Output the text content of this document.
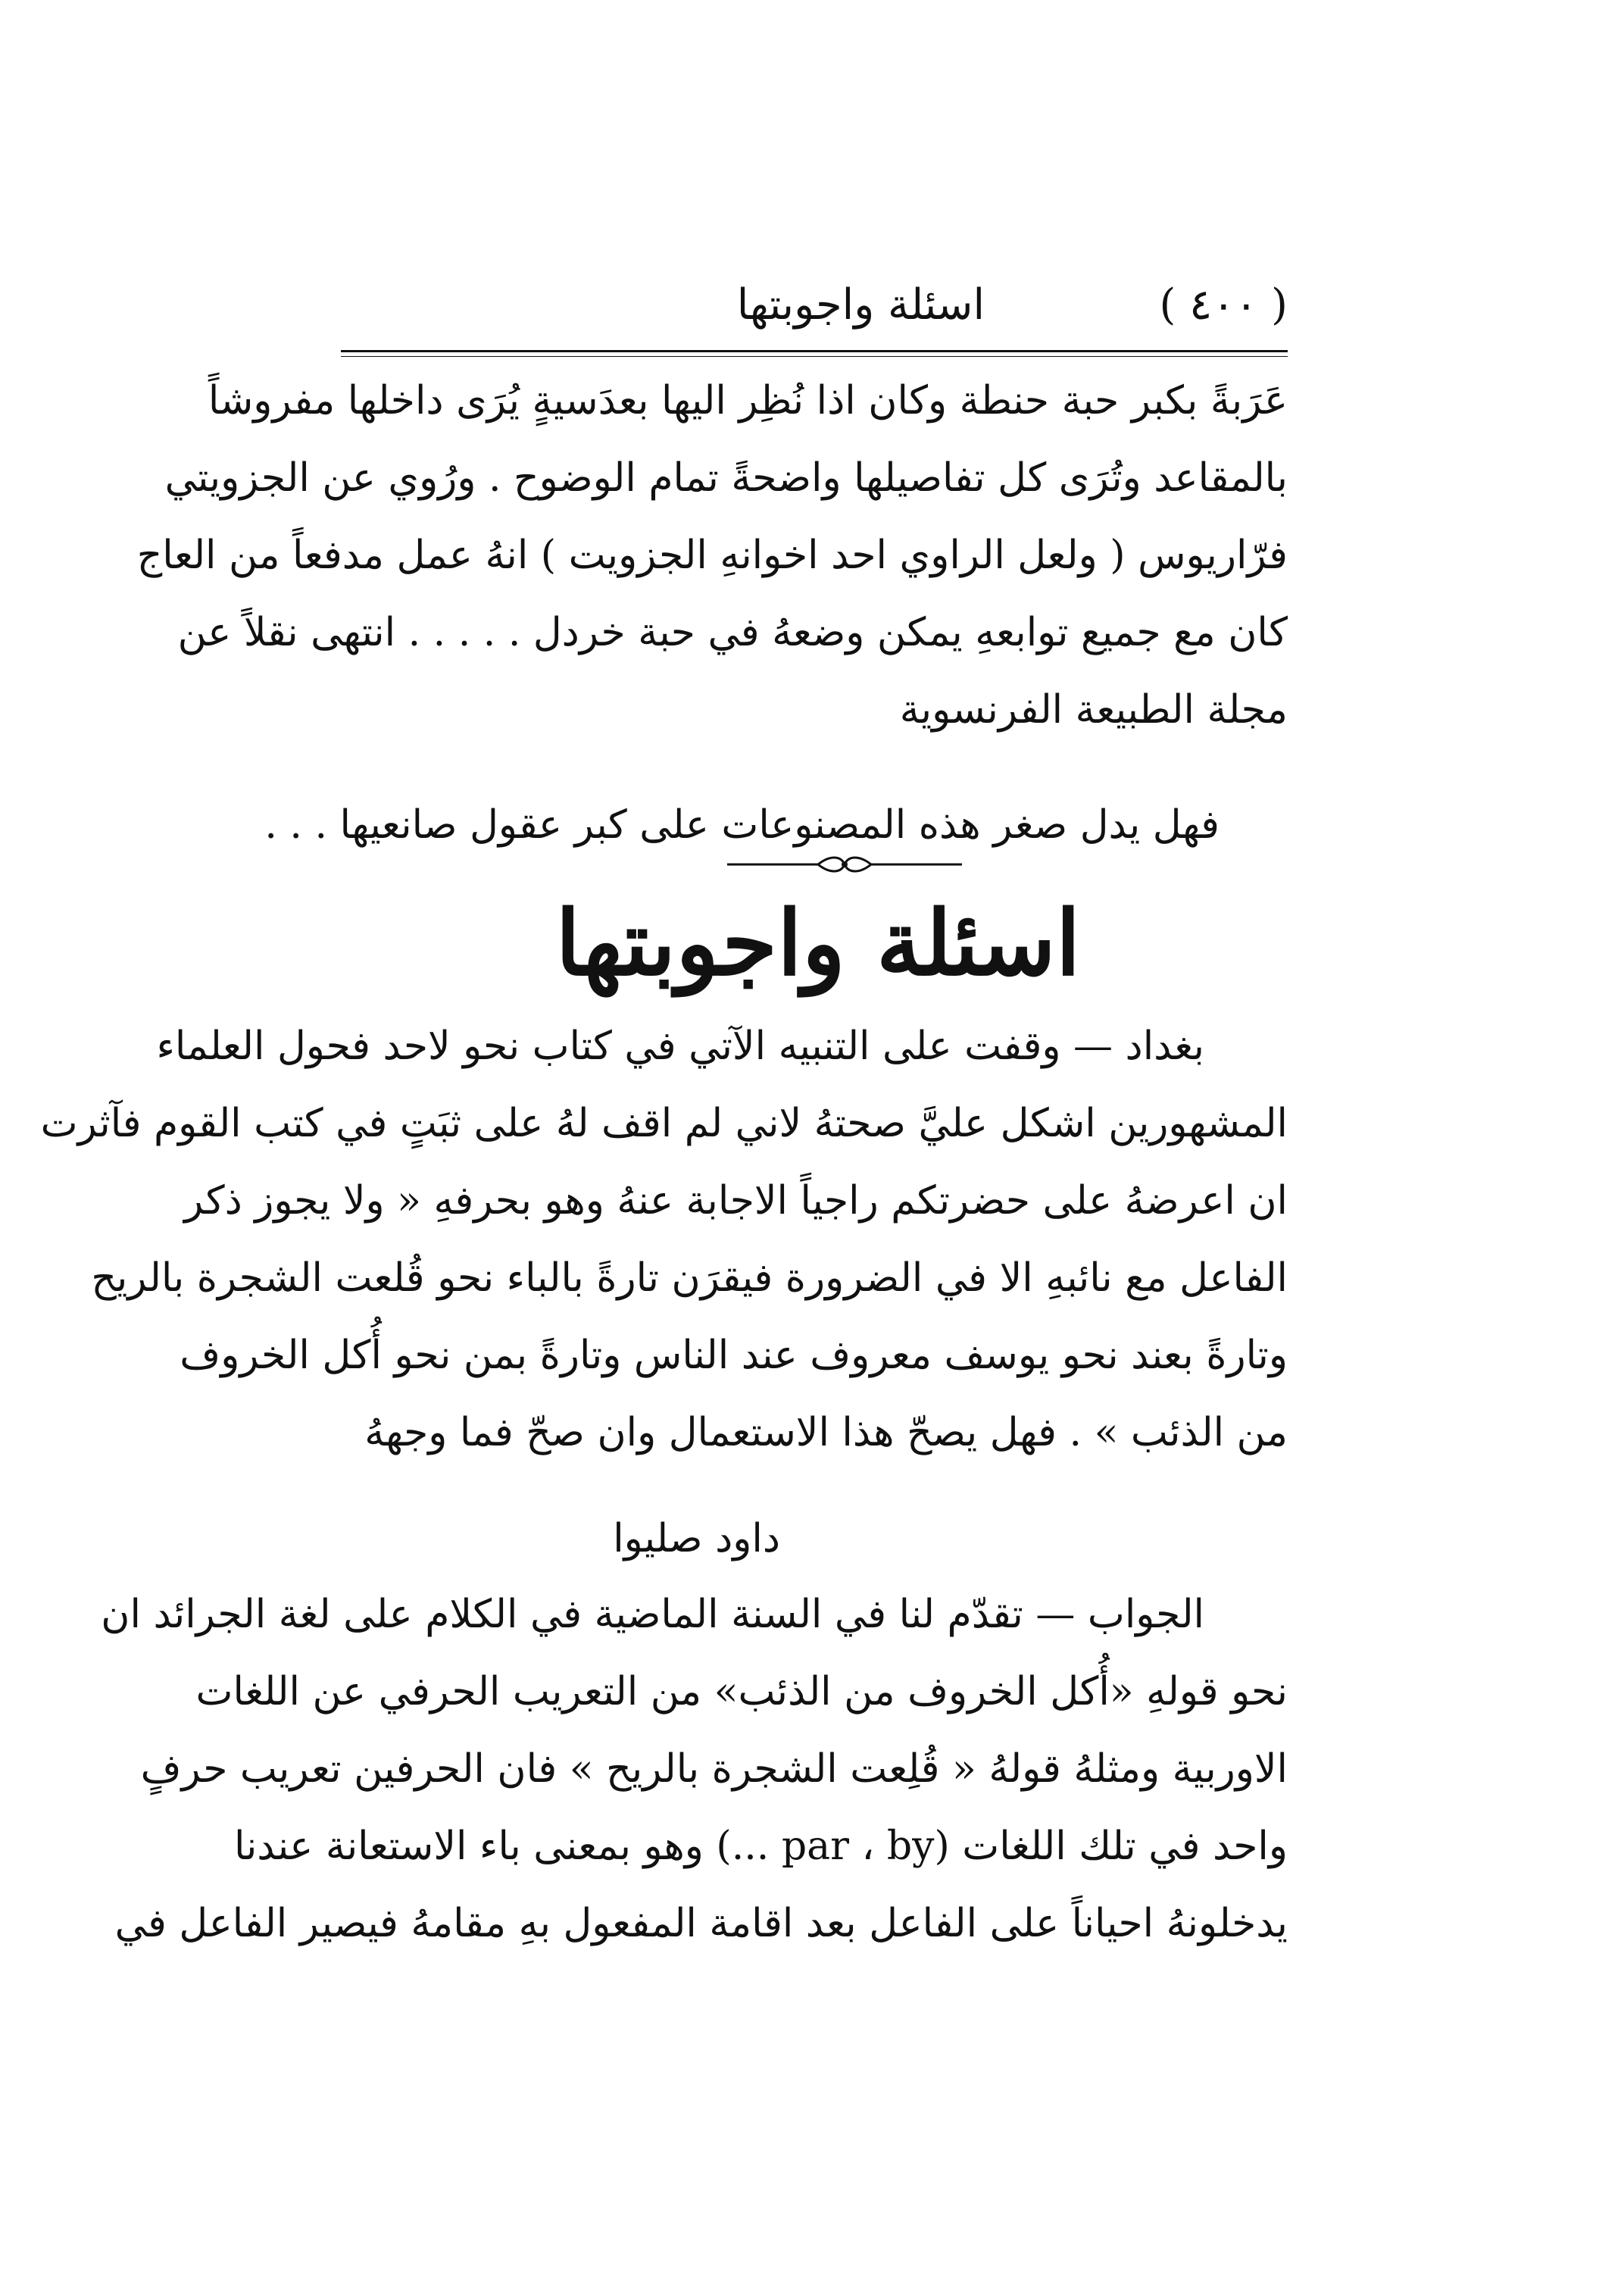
( ٤٠٠ )
اسئلة واجوبتها
عَرَبةً بكبر حبة حنطة وكان اذا نُظِر اليها بعدَسيةٍ يُرَى داخلها مفروشاً
بالمقاعد وتُرَى كل تفاصيلها واضحةً تمام الوضوح . ورُوي عن الجزويتي
فرّاريوس ( ولعل الراوي احد اخوانهِ الجزويت ) انهُ عمل مدفعاً من العاج
كان مع جميع توابعهِ يمكن وضعهُ في حبة خردل . . . . . انتهى نقلاً عن
مجلة الطبيعة الفرنسوية
فهل يدل صغر هذه المصنوعات على كبر عقول صانعيها . . .
اسئلة واجوبتها
بغداد — وقفت على التنبيه الآتي في كتاب نحو لاحد فحول العلماء
المشهورين اشكل عليَّ صحتهُ لاني لم اقف لهُ على ثبَتٍ في كتب القوم فآثرت
ان اعرضهُ على حضرتكم راجياً الاجابة عنهُ وهو بحرفهِ « ولا يجوز ذكر
الفاعل مع نائبهِ الا في الضرورة فيقرَن تارةً بالباء نحو قُلعت الشجرة بالريح
وتارةً بعند نحو يوسف معروف عند الناس وتارةً بمن نحو أُكل الخروف
من الذئب » . فهل يصحّ هذا الاستعمال وان صحّ فما وجههُ
داود صليوا
الجواب — تقدّم لنا في السنة الماضية في الكلام على لغة الجرائد ان
نحو قولهِ «أُكل الخروف من الذئب» من التعريب الحرفي عن اللغات
الاوربية ومثلهُ قولهُ « قُلِعت الشجرة بالريح » فان الحرفين تعريب حرفٍ
واحد في تلك اللغات (par ، by ...) وهو بمعنى باء الاستعانة عندنا
يدخلونهُ احياناً على الفاعل بعد اقامة المفعول بهِ مقامهُ فيصير الفاعل في
